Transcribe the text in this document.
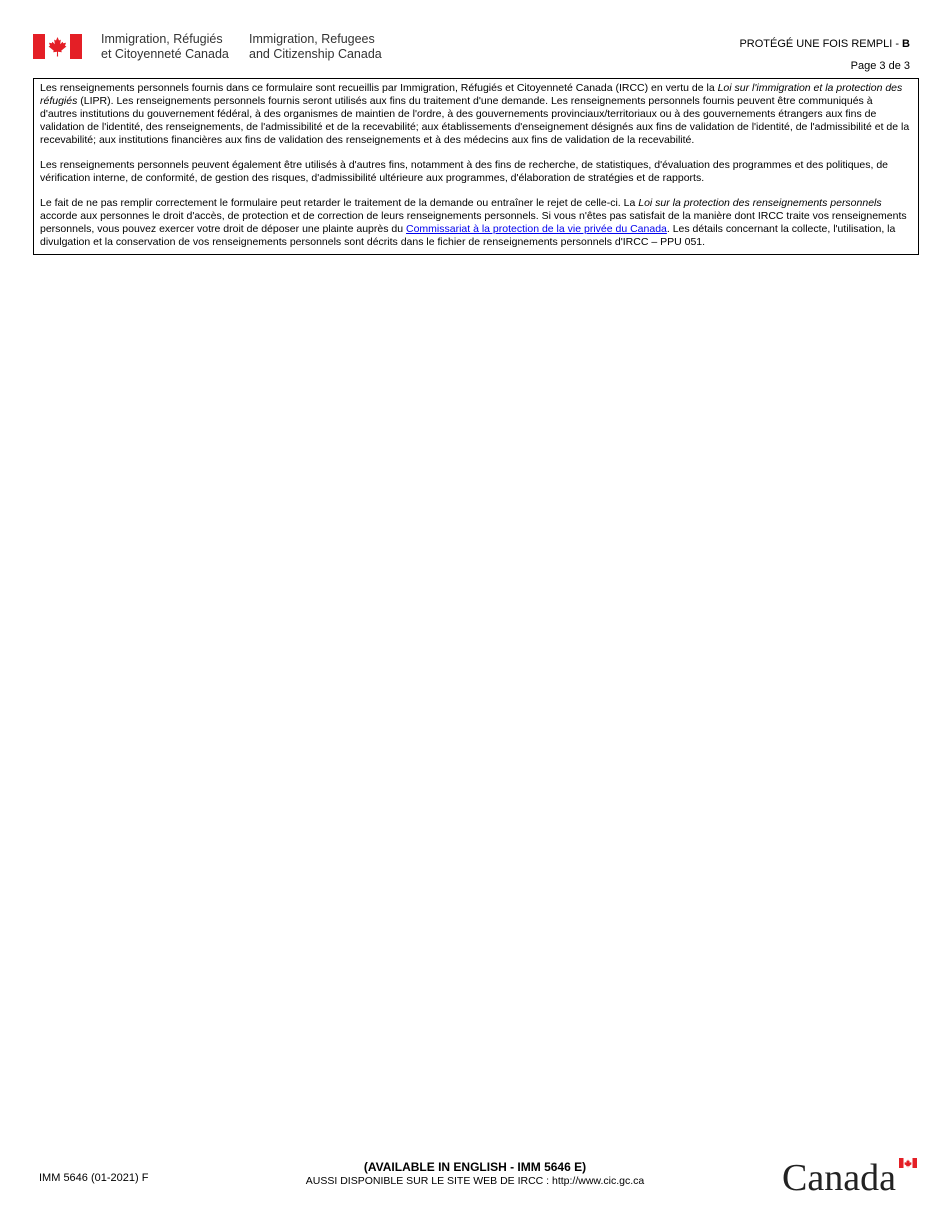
Immigration, Réfugiés
et Citoyenneté Canada
Immigration, Refugees
and Citizenship Canada
PROTÉGÉ UNE FOIS REMPLI - B
Page 3 de 3

Les renseignements personnels fournis dans ce formulaire sont recueillis par Immigration, Réfugiés et Citoyenneté Canada (IRCC) en vertu de la Loi sur l'immigration et la protection des réfugiés (LIPR). Les renseignements personnels fournis seront utilisés aux fins du traitement d'une demande. Les renseignements personnels fournis peuvent être communiqués à d'autres institutions du gouvernement fédéral, à des organismes de maintien de l'ordre, à des gouvernements provinciaux/territoriaux ou à des gouvernements étrangers aux fins de validation de l'identité, des renseignements, de l'admissibilité et de la recevabilité; aux établissements d'enseignement désignés aux fins de validation de l'identité, de l'admissibilité et de la recevabilité; aux institutions financières aux fins de validation des renseignements et à des médecins aux fins de validation de la recevabilité.

Les renseignements personnels peuvent également être utilisés à d'autres fins, notamment à des fins de recherche, de statistiques, d'évaluation des programmes et des politiques, de vérification interne, de conformité, de gestion des risques, d'admissibilité ultérieure aux programmes, d'élaboration de stratégies et de rapports.

Le fait de ne pas remplir correctement le formulaire peut retarder le traitement de la demande ou entraîner le rejet de celle-ci. La Loi sur la protection des renseignements personnels accorde aux personnes le droit d'accès, de protection et de correction de leurs renseignements personnels. Si vous n'êtes pas satisfait de la manière dont IRCC traite vos renseignements personnels, vous pouvez exercer votre droit de déposer une plainte auprès du Commissariat à la protection de la vie privée du Canada. Les détails concernant la collecte, l'utilisation, la divulgation et la conservation de vos renseignements personnels sont décrits dans le fichier de renseignements personnels d'IRCC – PPU 051.

IMM 5646 (01-2021) F
(AVAILABLE IN ENGLISH - IMM 5646 E)
AUSSI DISPONIBLE SUR LE SITE WEB DE IRCC : http://www.cic.gc.ca	Canada
